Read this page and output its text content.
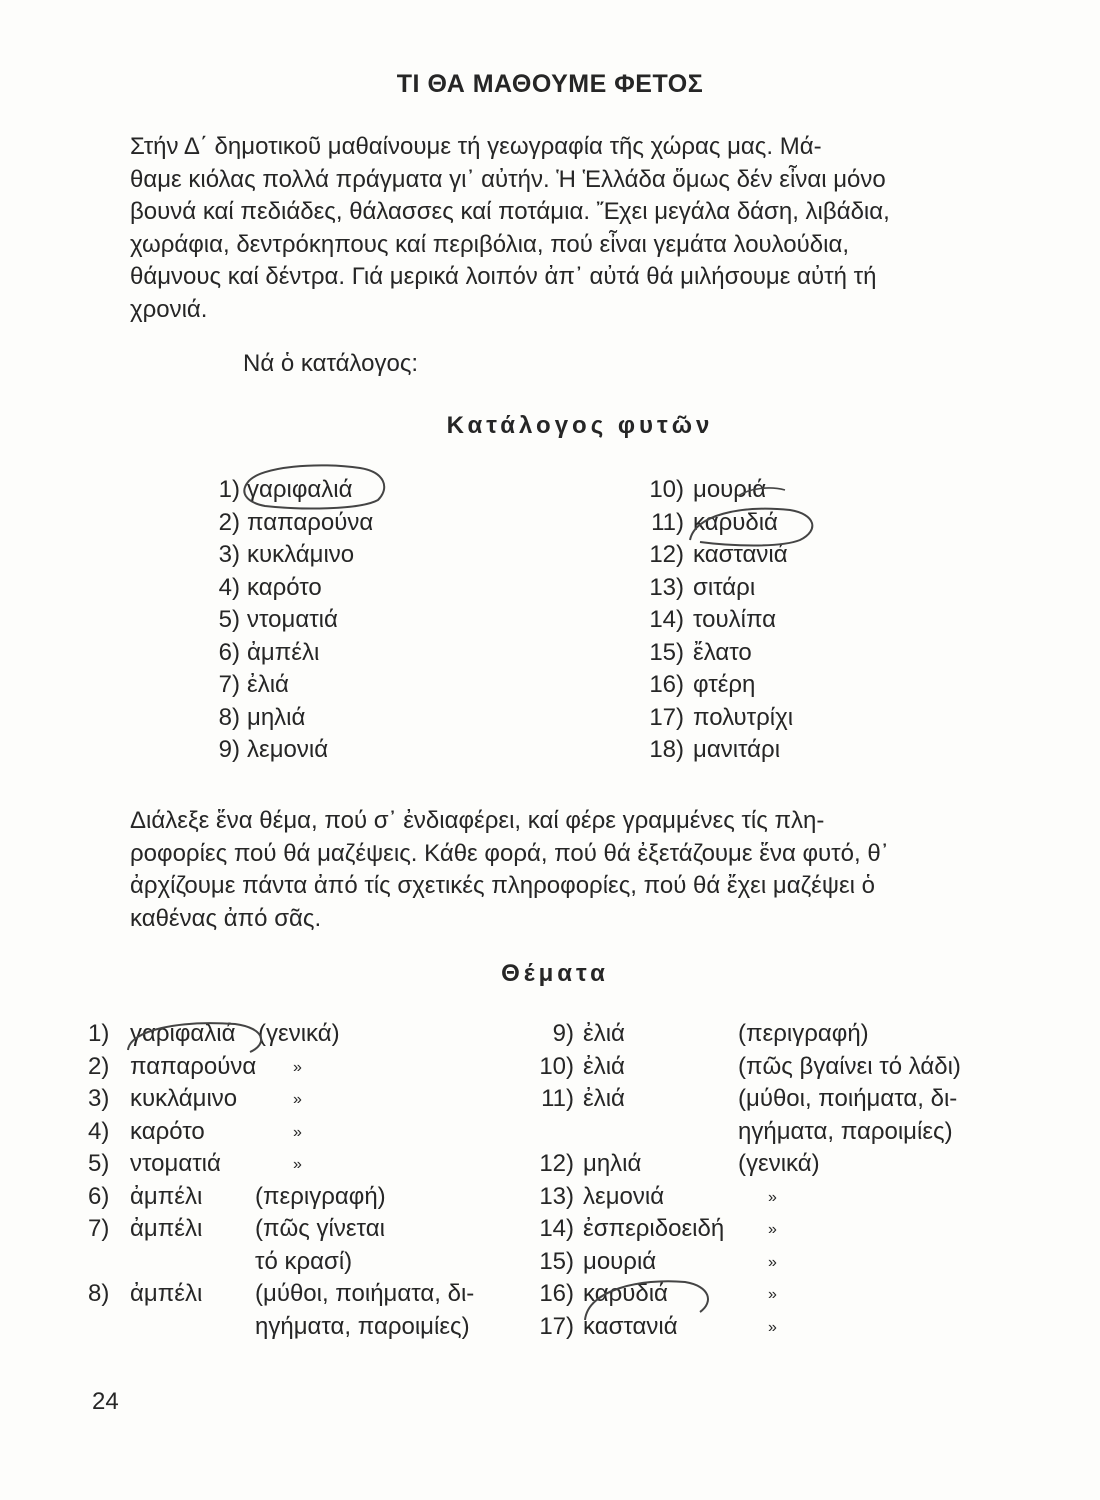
ΤΙ ΘΑ ΜΑΘΟΥΜΕ ΦΕΤΟΣ
Στήν Δ΄ δημοτικοῦ μαθαίνουμε τή γεωγραφία τῆς χώρας μας. Μά-
θαμε κιόλας πολλά πράγματα γι᾽ αὐτήν. Ἡ Ἑλλάδα ὅμως δέν εἶναι μόνο
βουνά καί πεδιάδες, θάλασσες καί ποτάμια. Ἔχει μεγάλα δάση, λιβάδια,
χωράφια, δεντρόκηπους καί περιβόλια, πού εἶναι γεμάτα λουλούδια,
θάμνους καί δέντρα. Γιά μερικά λοιπόν ἀπ᾽ αὐτά θά μιλήσουμε αὐτή τή
χρονιά.
Νά ὁ κατάλογος:
Κατάλογος φυτῶν
1) γαριφαλιά
2) παπαρούνα
3) κυκλάμινο
4) καρότο
5) ντοματιά
6) ἀμπέλι
7) ἐλιά
8) μηλιά
9) λεμονιά
10) μουριά
11) καρυδιά
12) καστανιά
13) σιτάρι
14) τουλίπα
15) ἔλατο
16) φτέρη
17) πολυτρίχι
18) μανιτάρι
Διάλεξε ἕνα θέμα, πού σ᾽ ἐνδιαφέρει, καί φέρε γραμμένες τίς πλη-
ροφορίες πού θά μαζέψεις. Κάθε φορά, πού θά ἐξετάζουμε ἕνα φυτό, θ᾽
ἀρχίζουμε πάντα ἀπό τίς σχετικές πληροφορίες, πού θά ἔχει μαζέψει ὁ
καθένας ἀπό σᾶς.
Θέματα
1) γαριφαλιά (γενικά)
2) παπαρούνα »
3) κυκλάμινο	»
4) καρότο	»
5) ντοματιά	»
6) ἀμπέλι (περιγραφή)
7) ἀμπέλι (πῶς γίνεται
τό κρασί)
8) ἀμπέλι (μύθοι, ποιήματα, δι-
ηγήματα, παροιμίες)
9) ἐλιά	(περιγραφή)
10) ἐλιά	(πῶς βγαίνει τό λάδι)
11) ἐλιά	(μύθοι, ποιήματα, δι-
ηγήματα, παροιμίες)
12) μηλιά	(γενικά)
13) λεμονιά	»
14) ἐσπεριδοειδή	»
15) μουριά	»
16) καρυδιά	»
17) καστανιά	»
24
